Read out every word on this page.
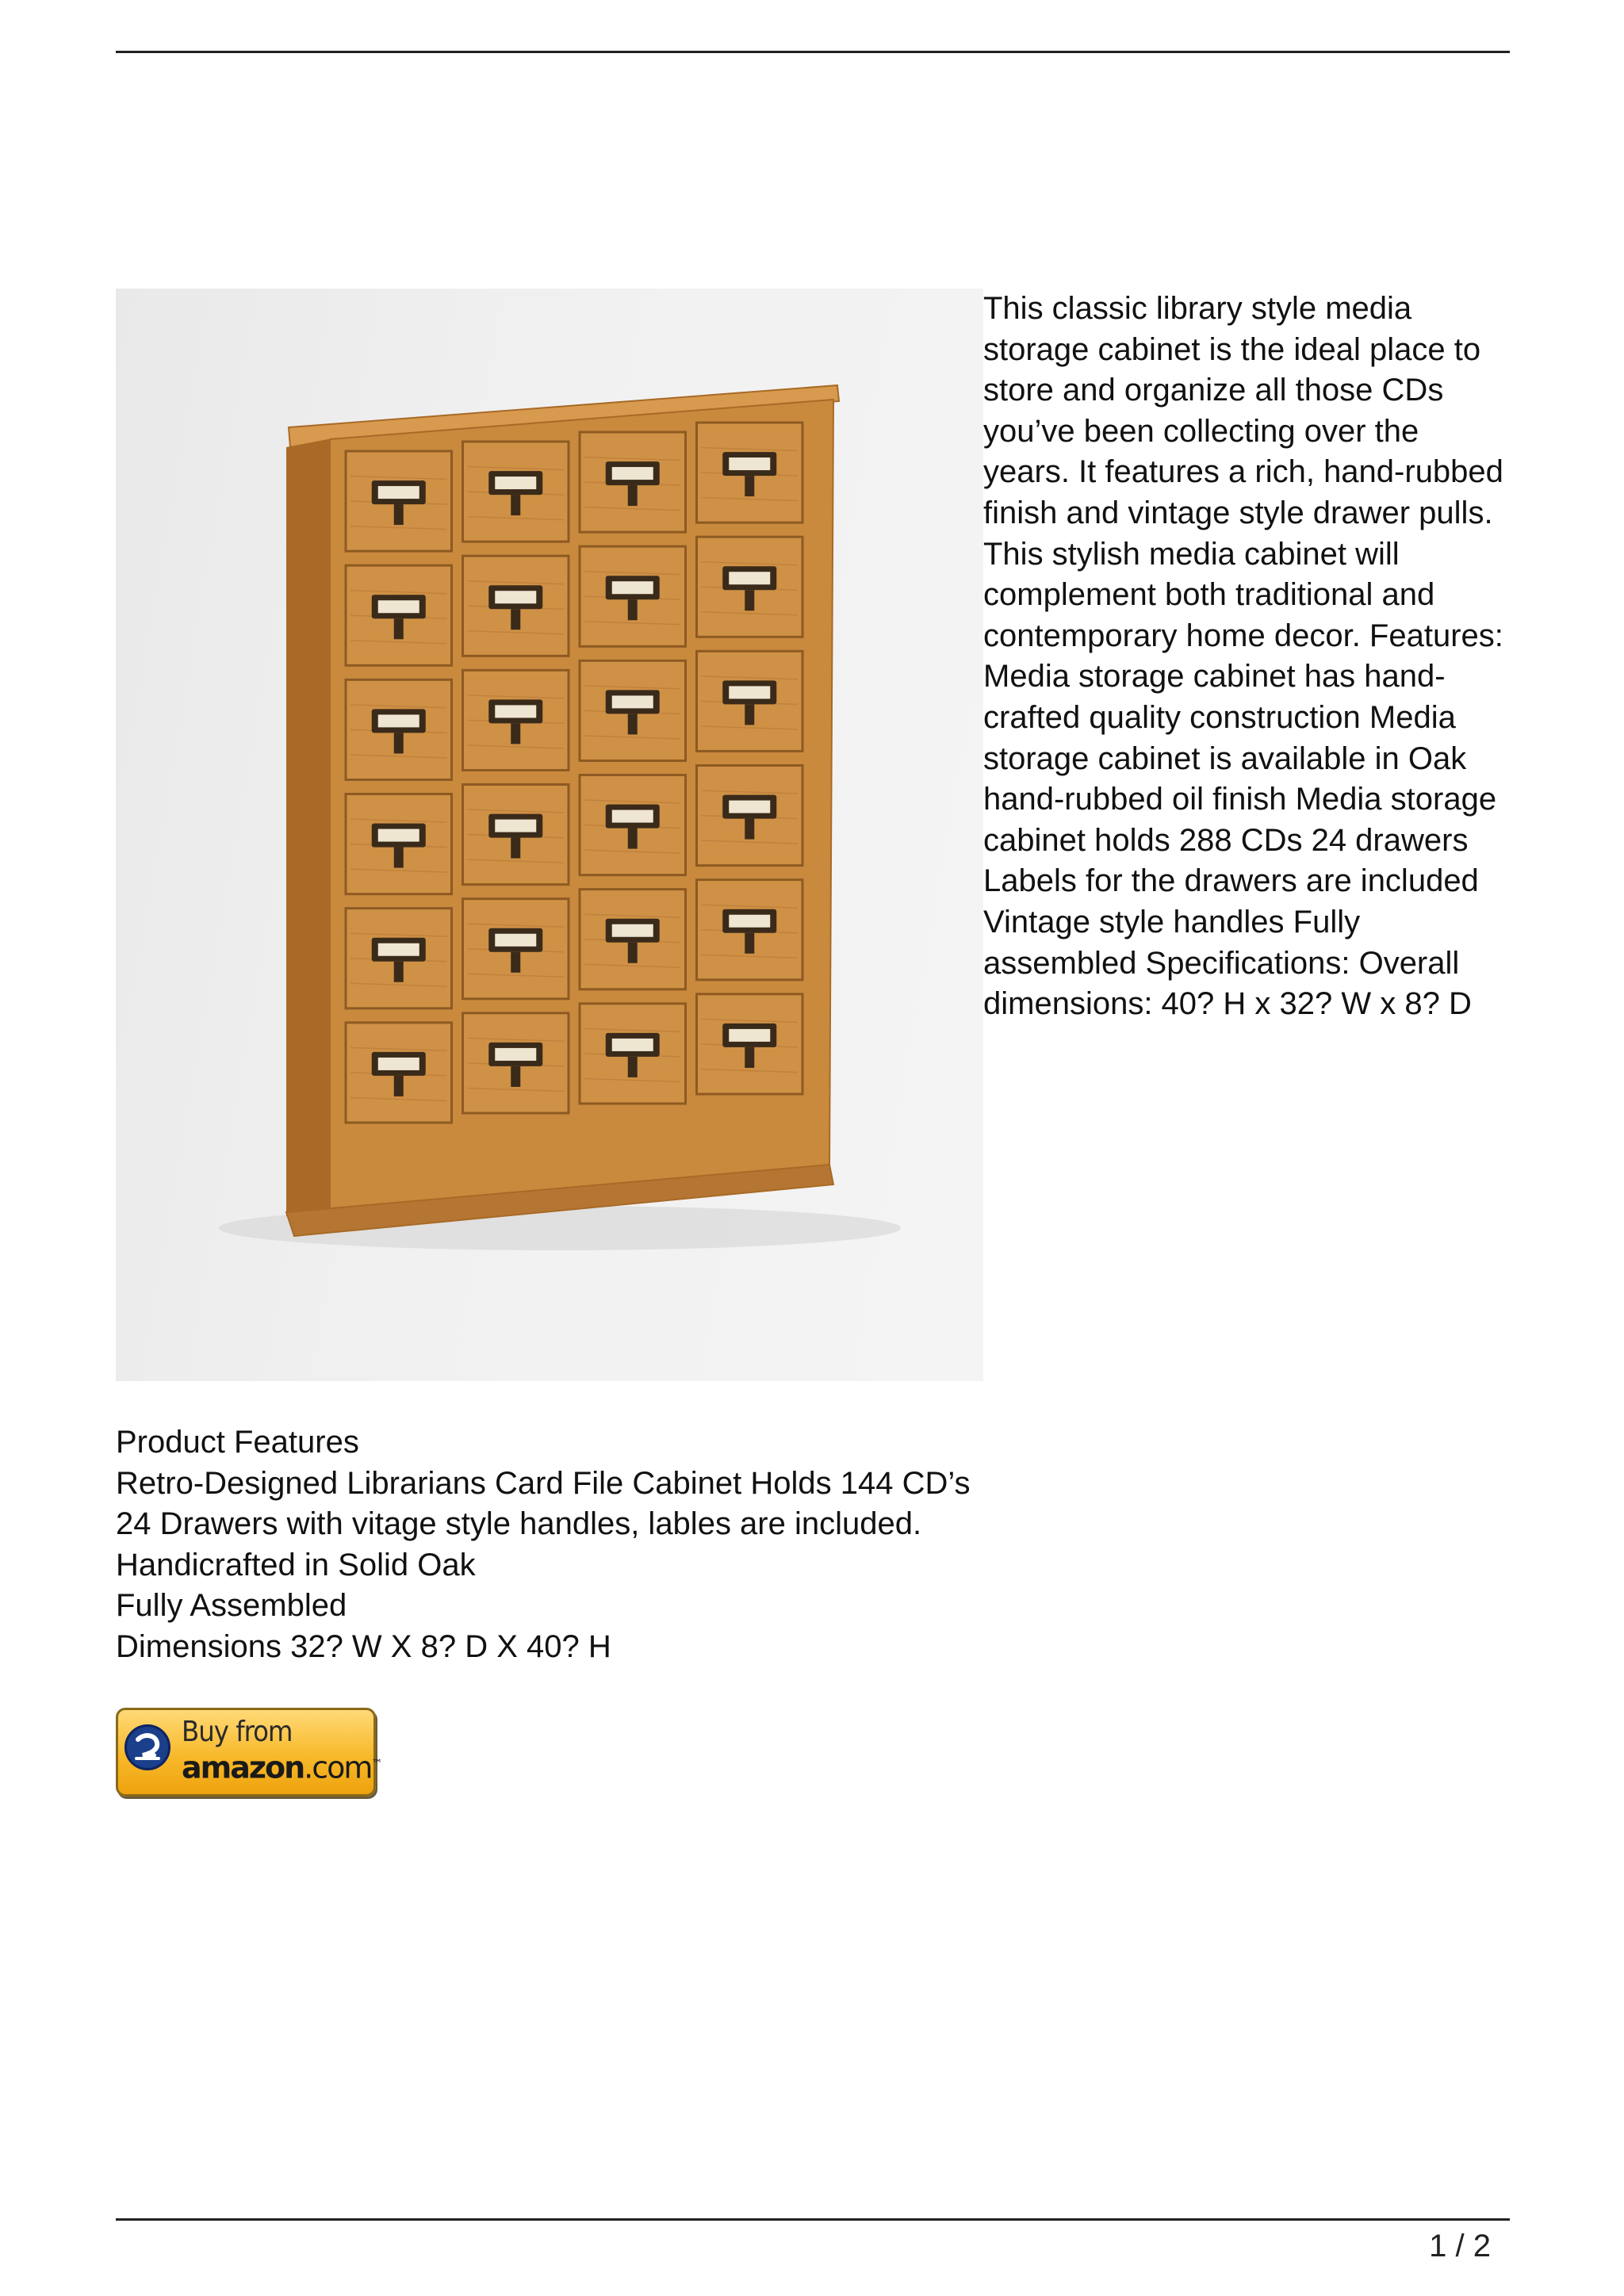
This classic library style media storage cabinet is the ideal place to store and organize all those CDs you’ve been collecting over the years. It features a rich, hand-rubbed finish and vintage style drawer pulls. This stylish media cabinet will complement both traditional and contemporary home decor. Features: Media storage cabinet has hand-crafted quality construction Media storage cabinet is available in Oak hand-rubbed oil finish Media storage cabinet holds 288 CDs 24 drawers Labels for the drawers are included Vintage style handles Fully assembled Specifications: Overall dimensions: 40? H x 32? W x 8? D
Product Features
Retro-Designed Librarians Card File Cabinet Holds 144 CD’s
24 Drawers with vitage style handles, lables are included.
Handicrafted in Solid Oak
Fully Assembled
Dimensions 32? W X 8? D X 40? H
Buy from
amazon.com™
1 / 2
